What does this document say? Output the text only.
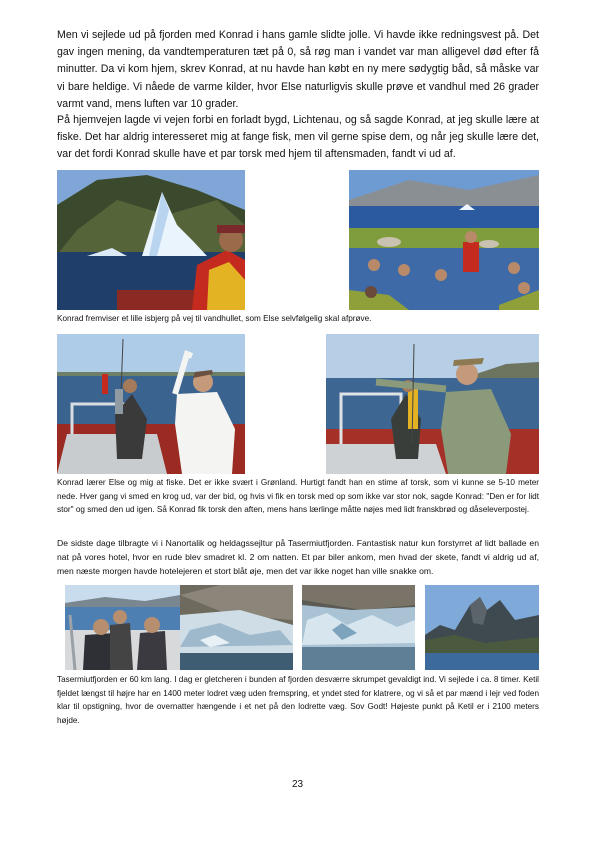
Men vi sejlede ud på fjorden med Konrad i hans gamle slidte jolle. Vi havde ikke redningsvest på. Det gav ingen mening, da vandtemperaturen tæt på 0, så røg man i vandet var man alligevel død efter få minutter. Da vi kom hjem, skrev Konrad, at nu havde han købt en ny mere sødygtig båd, så måske var vi bare heldige. Vi nåede de varme kilder, hvor Else naturligvis skulle prøve et vandhul med 26 grader varmt vand, mens luften var 10 grader.

På hjemvejen lagde vi vejen forbi en forladt bygd, Lichtenau, og så sagde Konrad, at jeg skulle lære at fiske. Det har aldrig interesseret mig at fange fisk, men vil gerne spise dem, og når jeg skulle lære det, var det fordi Konrad skulle have et par torsk med hjem til aftensmaden, fandt vi ud af.

Konrad fremviser et lille isbjerg på vej til vandhullet, som Else selvfølgelig skal afprøve.

Konrad lærer Else og mig at fiske. Det er ikke svært i Grønland. Hurtigt fandt han en stime af torsk, som vi kunne se 5-10 meter nede. Hver gang vi smed en krog ud, var der bid, og hvis vi fik en torsk med op som ikke var stor nok, sagde Konrad: "Den er for lidt stor" og smed den ud igen. Så Konrad fik torsk den aften, mens hans lærlinge måtte nøjes med lidt franskbrød og dåseleverpostej.

De sidste dage tilbragte vi i Nanortalik og heldagssejltur på Tasermiutfjorden. Fantastisk natur kun forstyrret af lidt ballade en nat på vores hotel, hvor en rude blev smadret kl. 2 om natten. Et par biler ankom, men hvad der skete, fandt vi aldrig ud af, men næste morgen havde hotelejeren et stort blåt øje, men det var ikke noget han ville snakke om.

Tasermiutfjorden er 60 km lang. I dag er gletcheren i bunden af fjorden desværre skrumpet gevaldigt ind. Vi sejlede i ca. 8 timer. Ketil fjeldet længst til højre har en 1400 meter lodret væg uden fremspring, et yndet sted for klatrere, og vi så et par mænd i lejr ved foden klar til opstigning, hvor de overnatter hængende i et net på den lodrette væg. Sov Godt! Højeste punkt på Ketil er i 2100 meters højde.

23
